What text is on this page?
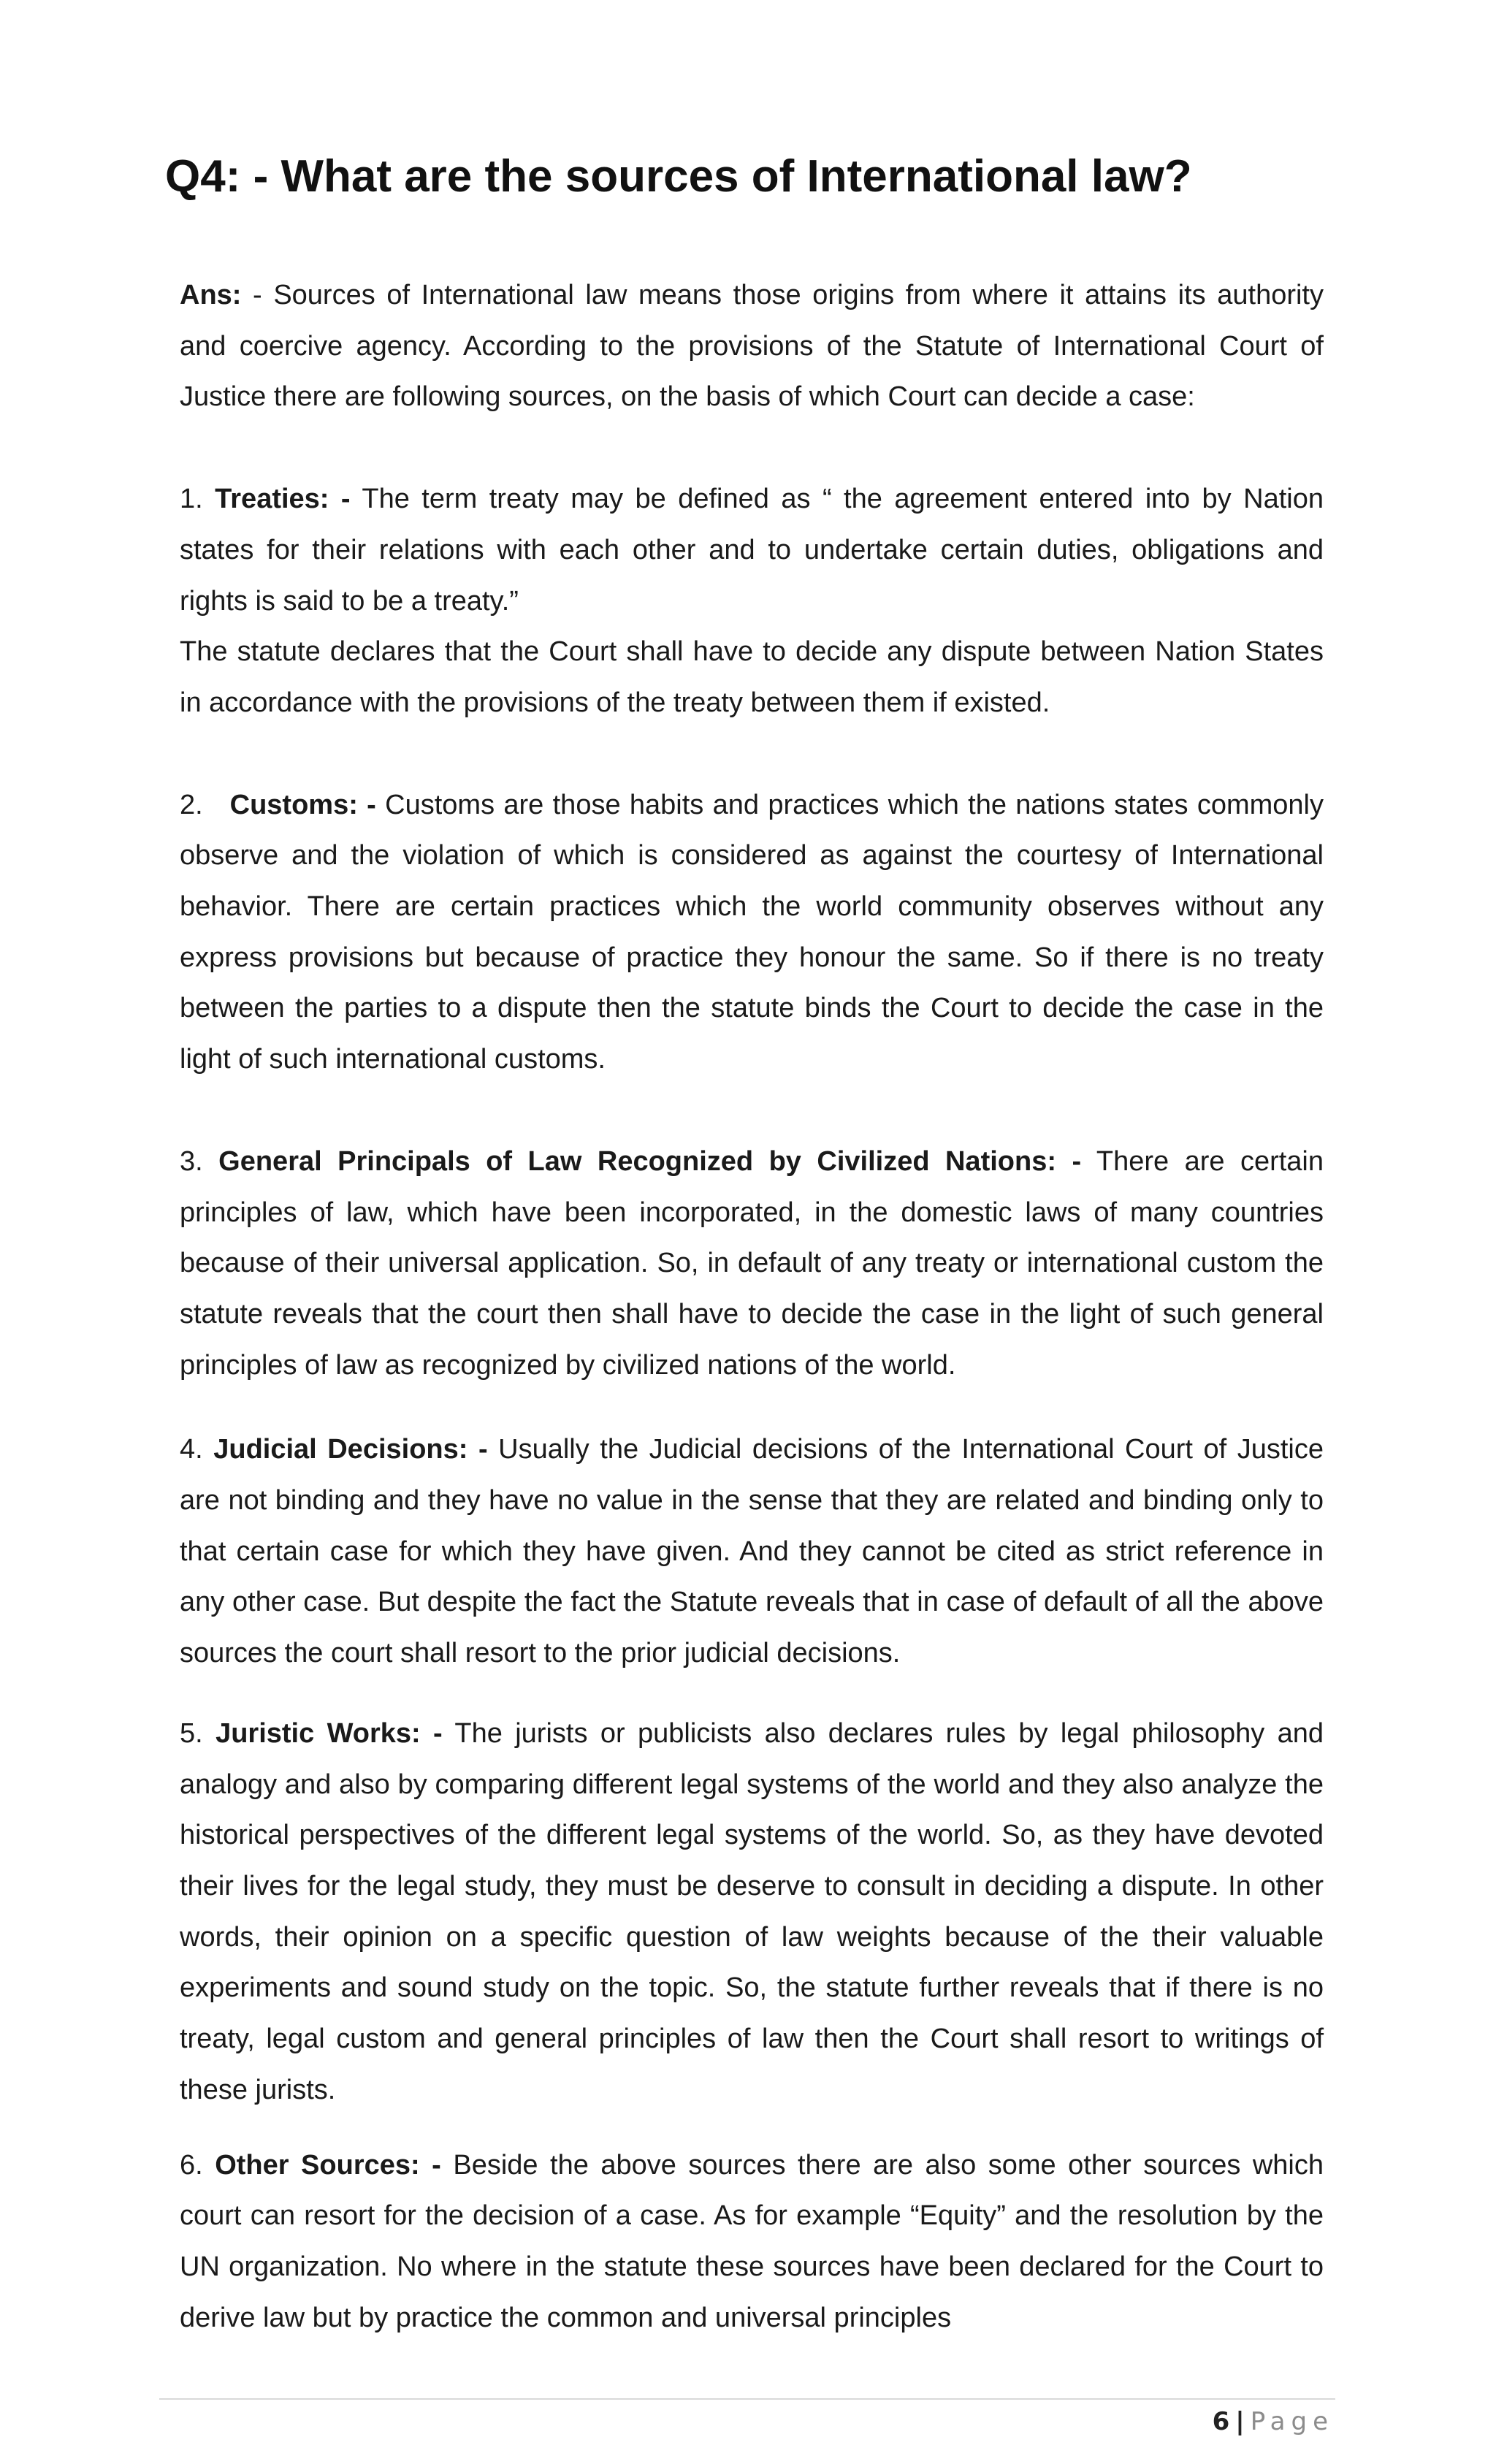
Q4: - What are the sources of International law?

Ans: - Sources of International law means those origins from where it attains its authority and coercive agency. According to the provisions of the Statute of International Court of Justice there are following sources, on the basis of which Court can decide a case:

1. Treaties: - The term treaty may be defined as “ the agreement entered into by Nation states for their relations with each other and to undertake certain duties, obligations and rights is said to be a treaty.”

The statute declares that the Court shall have to decide any dispute between Nation States in accordance with the provisions of the treaty between them if existed.

2.   Customs: - Customs are those habits and practices which the nations states commonly observe and the violation of which is considered as against the courtesy of International behavior. There are certain practices which the world community observes without any express provisions but because of practice they honour the same. So if there is no treaty between the parties to a dispute then the statute binds the Court to decide the case in the light of such international customs.

3. General Principals of Law Recognized by Civilized Nations: - There are certain principles of law, which have been incorporated, in the domestic laws of many countries because of their universal application. So, in default of any treaty or international custom the statute reveals that the court then shall have to decide the case in the light of such general principles of law as recognized by civilized nations of the world.

4. Judicial Decisions: - Usually the Judicial decisions of the International Court of Justice are not binding and they have no value in the sense that they are related and binding only to that certain case for which they have given. And they cannot be cited as strict reference in any other case. But despite the fact the Statute reveals that in case of default of all the above sources the court shall resort to the prior judicial decisions.

5. Juristic Works: - The jurists or publicists also declares rules by legal philosophy and analogy and also by comparing different legal systems of the world and they also analyze the historical perspectives of the different legal systems of the world. So, as they have devoted their lives for the legal study, they must be deserve to consult in deciding a dispute. In other words, their opinion on a specific question of law weights because of the their valuable experiments and sound study on the topic. So, the statute further reveals that if there is no treaty, legal custom and general principles of law then the Court shall resort to writings of these jurists.

6. Other Sources: - Beside the above sources there are also some other sources which court can resort for the decision of a case. As for example “Equity” and the resolution by the UN organization. No where in the statute these sources have been declared for the Court to derive law but by practice the common and universal principles

6 | Page
